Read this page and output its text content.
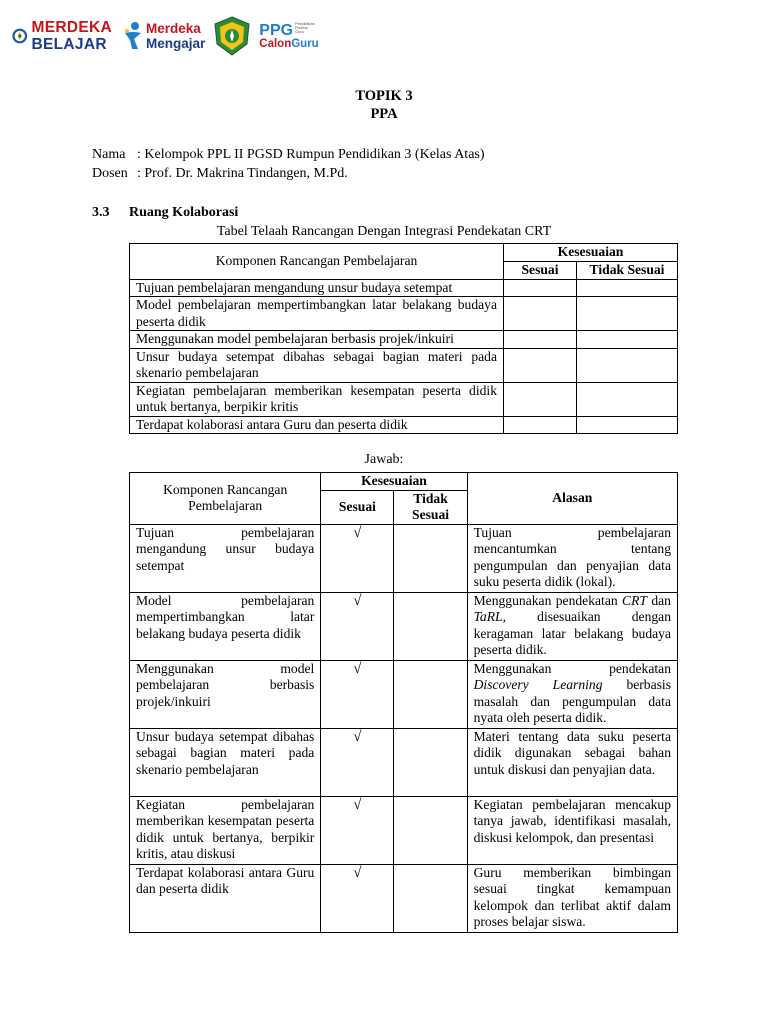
MERDEKA
BELAJAR
Merdeka
Mengajar
PPG Pendidikan Profesi Guru
CalonGuru
TOPIK 3
PPA
Nama : Kelompok PPL II PGSD Rumpun Pendidikan 3 (Kelas Atas)
Dosen : Prof. Dr. Makrina Tindangen, M.Pd.
3.3 Ruang Kolaborasi
Tabel Telaah Rancangan Dengan Integrasi Pendekatan CRT
Komponen Rancangan Pembelajaran	Kesesuaian	
	Sesuai	Tidak Sesuai
Tujuan pembelajaran mengandung unsur budaya setempat		
Model pembelajaran mempertimbangkan latar belakang budaya peserta didik		
Menggunakan model pembelajaran berbasis projek/inkuiri		
Unsur budaya setempat dibahas sebagai bagian materi pada skenario pembelajaran		
Kegiatan pembelajaran memberikan kesempatan peserta didik untuk bertanya, berpikir kritis		
Terdapat kolaborasi antara Guru dan peserta didik		
Jawab:
Komponen Rancangan Pembelajaran	Kesesuaian		Alasan
	Sesuai	Tidak Sesuai	
Tujuan pembelajaran mengandung unsur budaya setempat	√		Tujuan pembelajaran mencantumkan tentang pengumpulan dan penyajian data suku peserta didik (lokal).
Model pembelajaran mempertimbangkan latar belakang budaya peserta didik	√		Menggunakan pendekatan CRT dan TaRL, disesuaikan dengan keragaman latar belakang budaya peserta didik.
Menggunakan model pembelajaran berbasis projek/inkuiri	√		Menggunakan pendekatan Discovery Learning berbasis masalah dan pengumpulan data nyata oleh peserta didik.
Unsur budaya setempat dibahas sebagai bagian materi pada skenario pembelajaran	√		Materi tentang data suku peserta didik digunakan sebagai bahan untuk diskusi dan penyajian data.
Kegiatan pembelajaran memberikan kesempatan peserta didik untuk bertanya, berpikir kritis, atau diskusi	√		Kegiatan pembelajaran mencakup tanya jawab, identifikasi masalah, diskusi kelompok, dan presentasi
Terdapat kolaborasi antara Guru dan peserta didik	√		Guru memberikan bimbingan sesuai tingkat kemampuan kelompok dan terlibat aktif dalam proses belajar siswa.
